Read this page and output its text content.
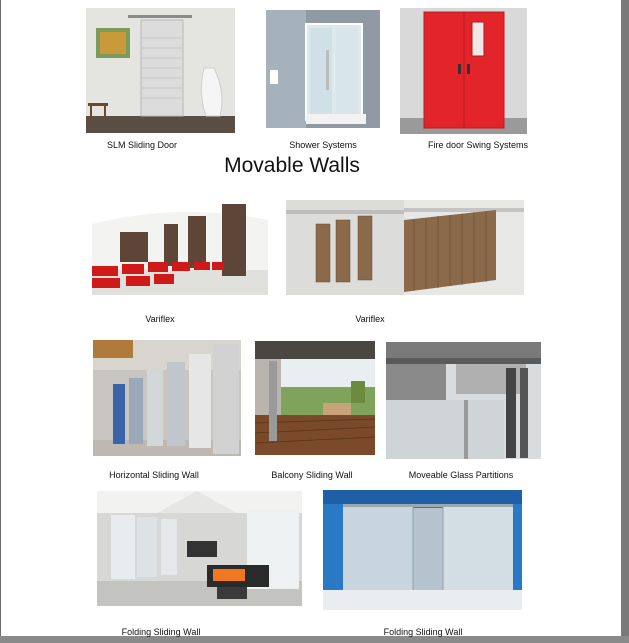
SLM Sliding Door	Shower Systems	Fire door Swing Systems
Movable Walls
Variflex	Variflex
Horizontal Sliding Wall	Balcony Sliding Wall	Moveable Glass Partitions
Folding Sliding Wall	Folding Sliding Wall
